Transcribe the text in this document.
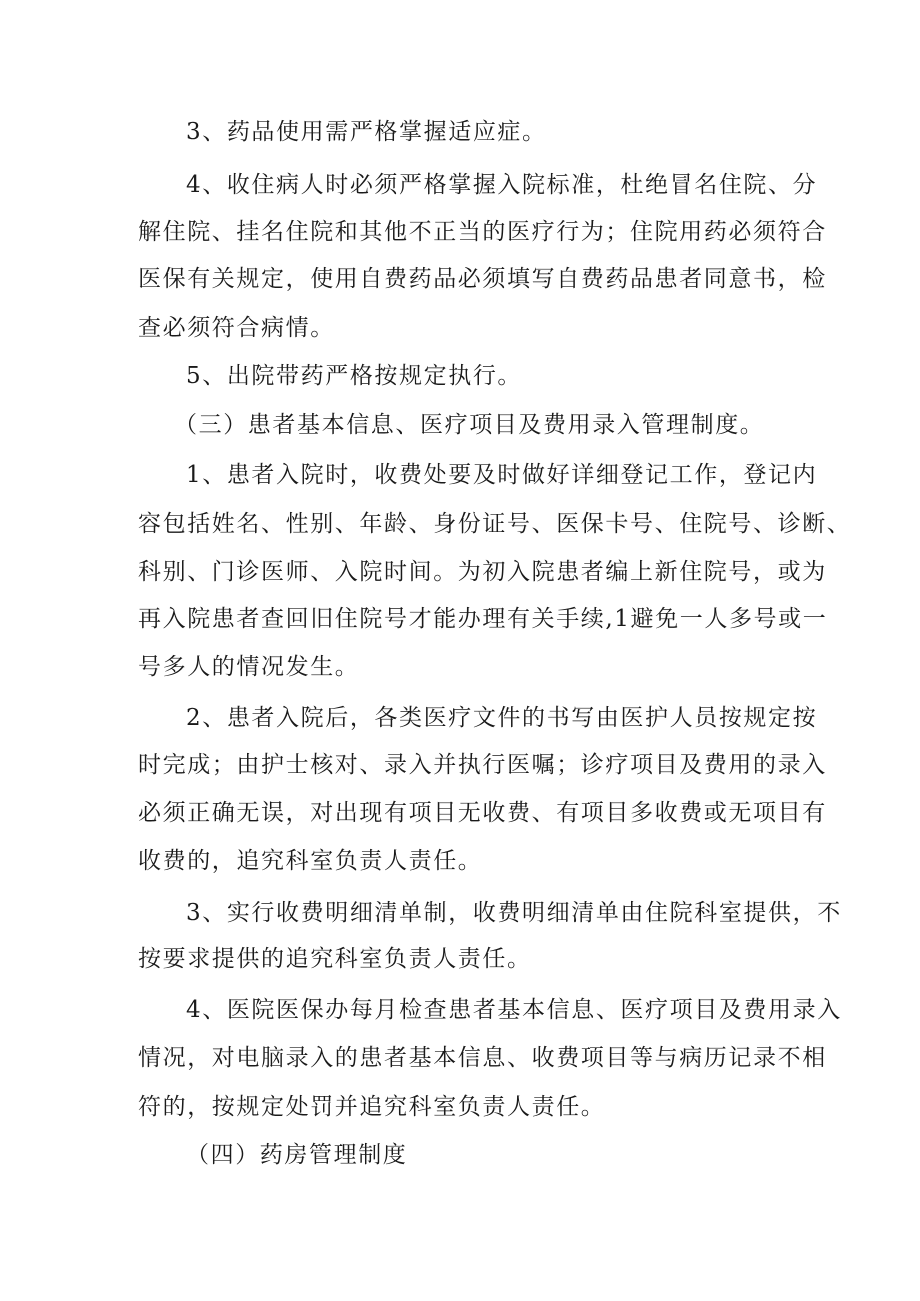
3、药品使用需严格掌握适应症。

4、收住病人时必须严格掌握入院标准，杜绝冒名住院、分

解住院、挂名住院和其他不正当的医疗行为；住院用药必须符合

医保有关规定，使用自费药品必须填写自费药品患者同意书，检

查必须符合病情。

5、出院带药严格按规定执行。

（三）患者基本信息、医疗项目及费用录入管理制度。

1、患者入院时，收费处要及时做好详细登记工作，登记内

容包括姓名、性别、年龄、身份证号、医保卡号、住院号、诊断、

科别、门诊医师、入院时间。为初入院患者编上新住院号，或为

再入院患者查回旧住院号才能办理有关手续,1避免一人多号或一

号多人的情况发生。

2、患者入院后，各类医疗文件的书写由医护人员按规定按

时完成；由护士核对、录入并执行医嘱；诊疗项目及费用的录入

必须正确无误，对出现有项目无收费、有项目多收费或无项目有

收费的，追究科室负责人责任。

3、实行收费明细清单制，收费明细清单由住院科室提供，不

按要求提供的追究科室负责人责任。

4、医院医保办每月检查患者基本信息、医疗项目及费用录入

情况，对电脑录入的患者基本信息、收费项目等与病历记录不相

符的，按规定处罚并追究科室负责人责任。

（四）药房管理制度
